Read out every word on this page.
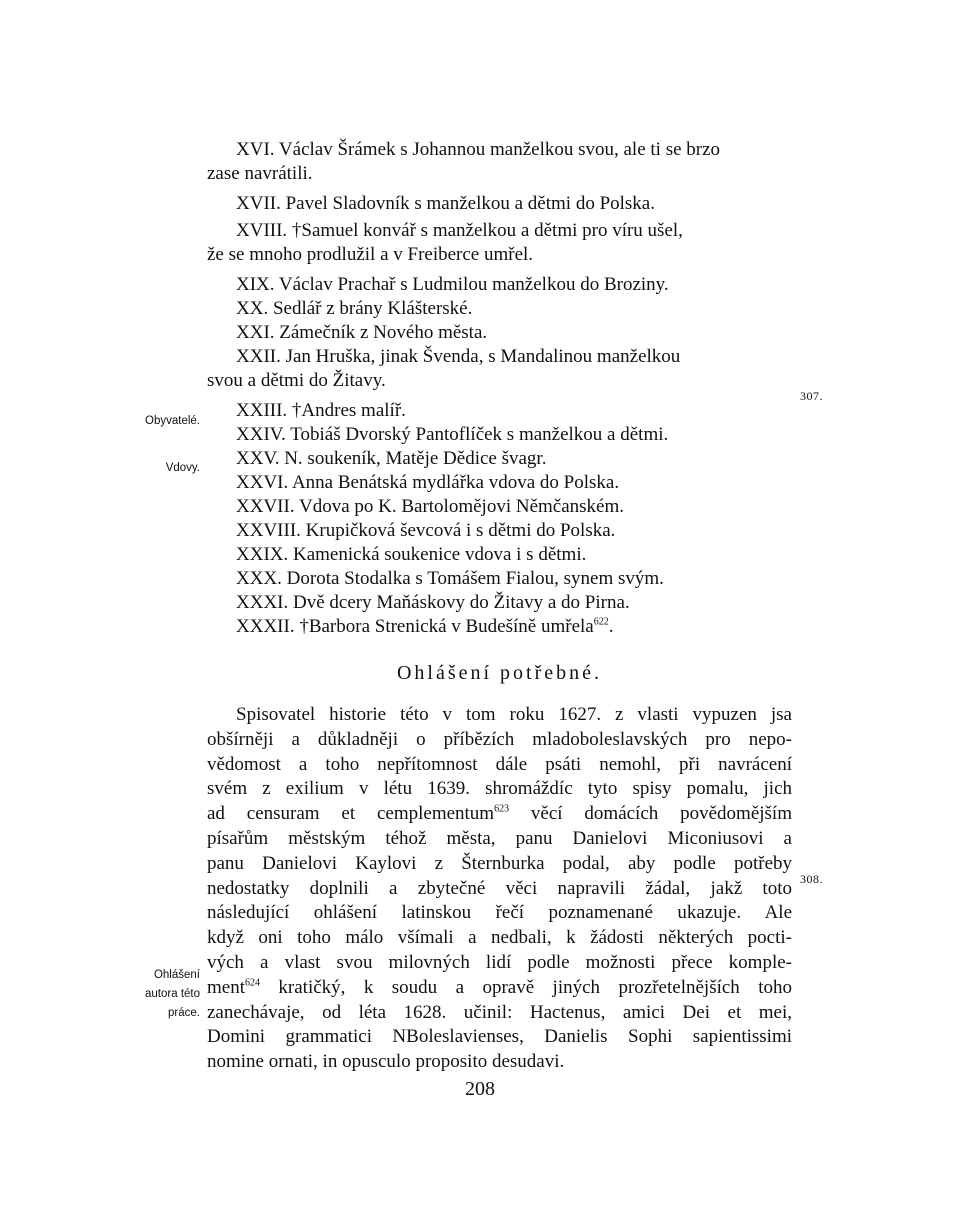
XVI. Václav Šrámek s Johannou manželkou svou, ale ti se brzo
zase navrátili.
XVII. Pavel Sladovník s manželkou a dětmi do Polska.
XVIII. †Samuel konvář s manželkou a dětmi pro víru ušel,
že se mnoho prodlužil a v Freiberce umřel.
XIX. Václav Prachař s Ludmilou manželkou do Broziny.
XX. Sedlář z brány Klášterské.
XXI. Zámečník z Nového města.
XXII. Jan Hruška, jinak Švenda, s Mandalinou manželkou
svou a dětmi do Žitavy.
XXIII. †Andres malíř.
XXIV. Tobiáš Dvorský Pantoflíček s manželkou a dětmi.
XXV. N. soukeník, Matěje Dědice švagr.
XXVI. Anna Benátská mydlářka vdova do Polska.
XXVII. Vdova po K. Bartolomějovi Němčanském.
XXVIII. Krupičková ševcová i s dětmi do Polska.
XXIX. Kamenická soukenice vdova i s dětmi.
XXX. Dorota Stodalka s Tomášem Fialou, synem svým.
XXXI. Dvě dcery Maňáskovy do Žitavy a do Pirna.
XXXII. †Barbora Strenická v Budešíně umřela$^{622}$.
Ohlášení potřebné.
Spisovatel historie této v tom roku 1627. z vlasti vypuzen jsa
obšírněji a důkladněji o příbězích mladoboleslavských pro nepo-
vědomost a toho nepřítomnost dále psáti nemohl, při navrácení
svém z exilium v létu 1639. shromáždíc tyto spisy pomalu, jich
ad censuram et cemplementum$^{623}$ věcí domácích povědomějším
písařům městským téhož města, panu Danielovi Miconiusovi a
panu Danielovi Kaylovi z Šternburka podal, aby podle potřeby
nedostatky doplnili a zbytečné věci napravili žádal, jakž toto
následující ohlášení latinskou řečí poznamenané ukazuje. Ale
když oni toho málo všímali a nedbali, k žádosti některých pocti-
vých a vlast svou milovných lidí podle možnosti přece komple-
ment$^{624}$ kratičký, k soudu a opravě jiných prozřetelnějších toho
zanechávaje, od léta 1628. učinil: Hactenus, amici Dei et mei,
Domini grammatici NBoleslavienses, Danielis Sophi sapientissimi
nomine ornati, in opusculo proposito desudavi.
307.
308.
Obyvatelé.
Vdovy.
Ohlášení
autora této
práce.
208
